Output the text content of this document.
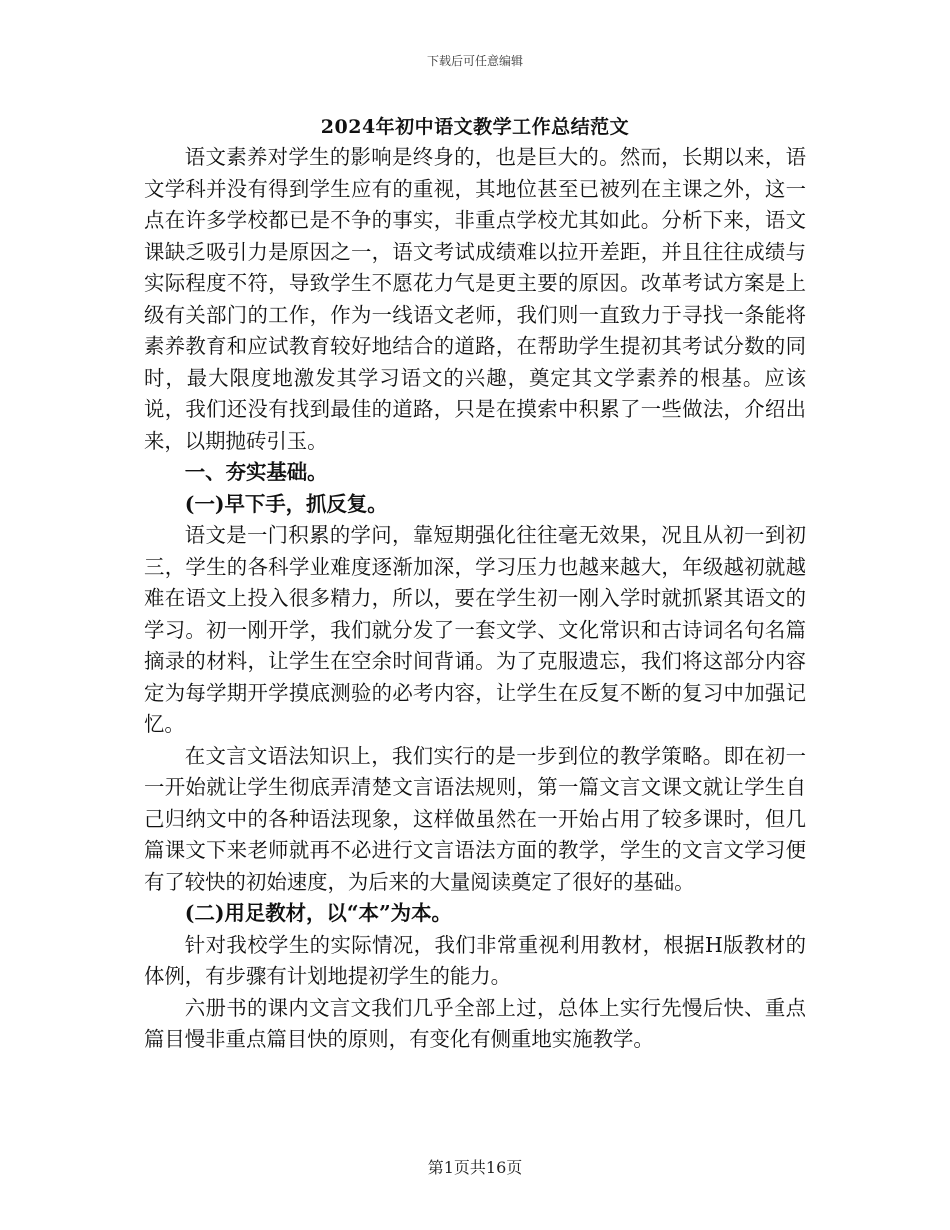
下载后可任意编辑
2024年初中语文教学工作总结范文

语文素养对学生的影响是终身的，也是巨大的。然而，长期以来，语文学科并没有得到学生应有的重视，其地位甚至已被列在主课之外，这一点在许多学校都已是不争的事实，非重点学校尤其如此。分析下来，语文课缺乏吸引力是原因之一，语文考试成绩难以拉开差距，并且往往成绩与实际程度不符，导致学生不愿花力气是更主要的原因。改革考试方案是上级有关部门的工作，作为一线语文老师，我们则一直致力于寻找一条能将素养教育和应试教育较好地结合的道路，在帮助学生提初其考试分数的同时，最大限度地激发其学习语文的兴趣，奠定其文学素养的根基。应该说，我们还没有找到最佳的道路，只是在摸索中积累了一些做法，介绍出来，以期抛砖引玉。

一、夯实基础。

(一)早下手，抓反复。

语文是一门积累的学问，靠短期强化往往毫无效果，况且从初一到初三，学生的各科学业难度逐渐加深，学习压力也越来越大，年级越初就越难在语文上投入很多精力，所以，要在学生初一刚入学时就抓紧其语文的学习。初一刚开学，我们就分发了一套文学、文化常识和古诗词名句名篇摘录的材料，让学生在空余时间背诵。为了克服遗忘，我们将这部分内容定为每学期开学摸底测验的必考内容，让学生在反复不断的复习中加强记忆。

在文言文语法知识上，我们实行的是一步到位的教学策略。即在初一一开始就让学生彻底弄清楚文言语法规则，第一篇文言文课文就让学生自己归纳文中的各种语法现象，这样做虽然在一开始占用了较多课时，但几篇课文下来老师就再不必进行文言语法方面的教学，学生的文言文学习便有了较快的初始速度，为后来的大量阅读奠定了很好的基础。

(二)用足教材，以“本”为本。

针对我校学生的实际情况，我们非常重视利用教材，根据H版教材的体例，有步骤有计划地提初学生的能力。

六册书的课内文言文我们几乎全部上过，总体上实行先慢后快、重点篇目慢非重点篇目快的原则，有变化有侧重地实施教学。

第1页共16页
